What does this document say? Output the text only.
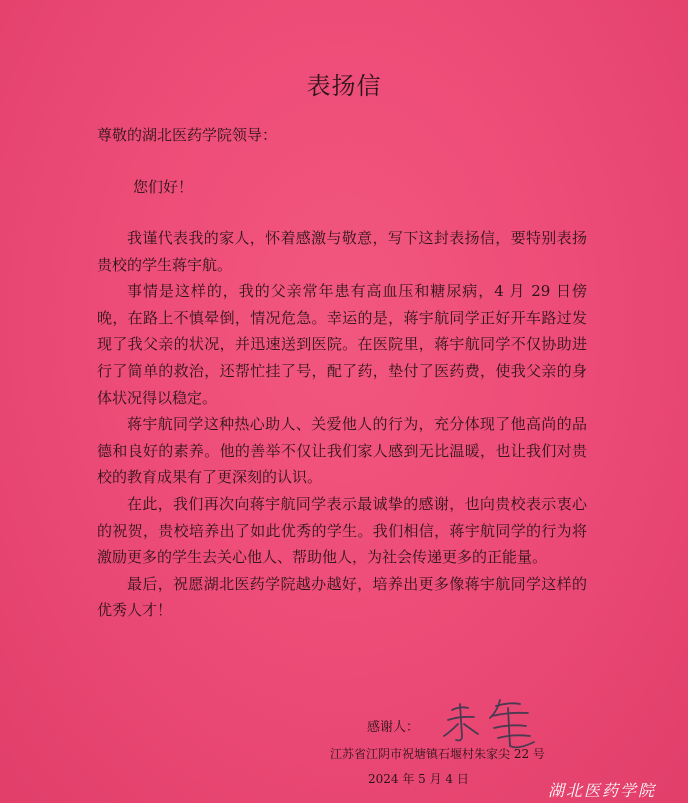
表扬信
尊敬的湖北医药学院领导：
您们好！

我谨代表我的家人，怀着感激与敬意，写下这封表扬信，要特别表扬贵校的学生蒋宇航。

事情是这样的，我的父亲常年患有高血压和糖尿病，4 月 29 日傍晚，在路上不慎晕倒，情况危急。幸运的是，蒋宇航同学正好开车路过发现了我父亲的状况，并迅速送到医院。在医院里，蒋宇航同学不仅协助进行了简单的救治，还帮忙挂了号，配了药，垫付了医药费，使我父亲的身体状况得以稳定。

蒋宇航同学这种热心助人、关爱他人的行为，充分体现了他高尚的品德和良好的素养。他的善举不仅让我们家人感到无比温暖，也让我们对贵校的教育成果有了更深刻的认识。

在此，我们再次向蒋宇航同学表示最诚挚的感谢，也向贵校表示衷心的祝贺，贵校培养出了如此优秀的学生。我们相信，蒋宇航同学的行为将激励更多的学生去关心他人、帮助他人，为社会传递更多的正能量。

最后，祝愿湖北医药学院越办越好，培养出更多像蒋宇航同学这样的优秀人才！

感谢人：
江苏省江阴市祝塘镇石堰村朱家尖 22 号
2024 年 5 月 4 日
湖北医药学院
